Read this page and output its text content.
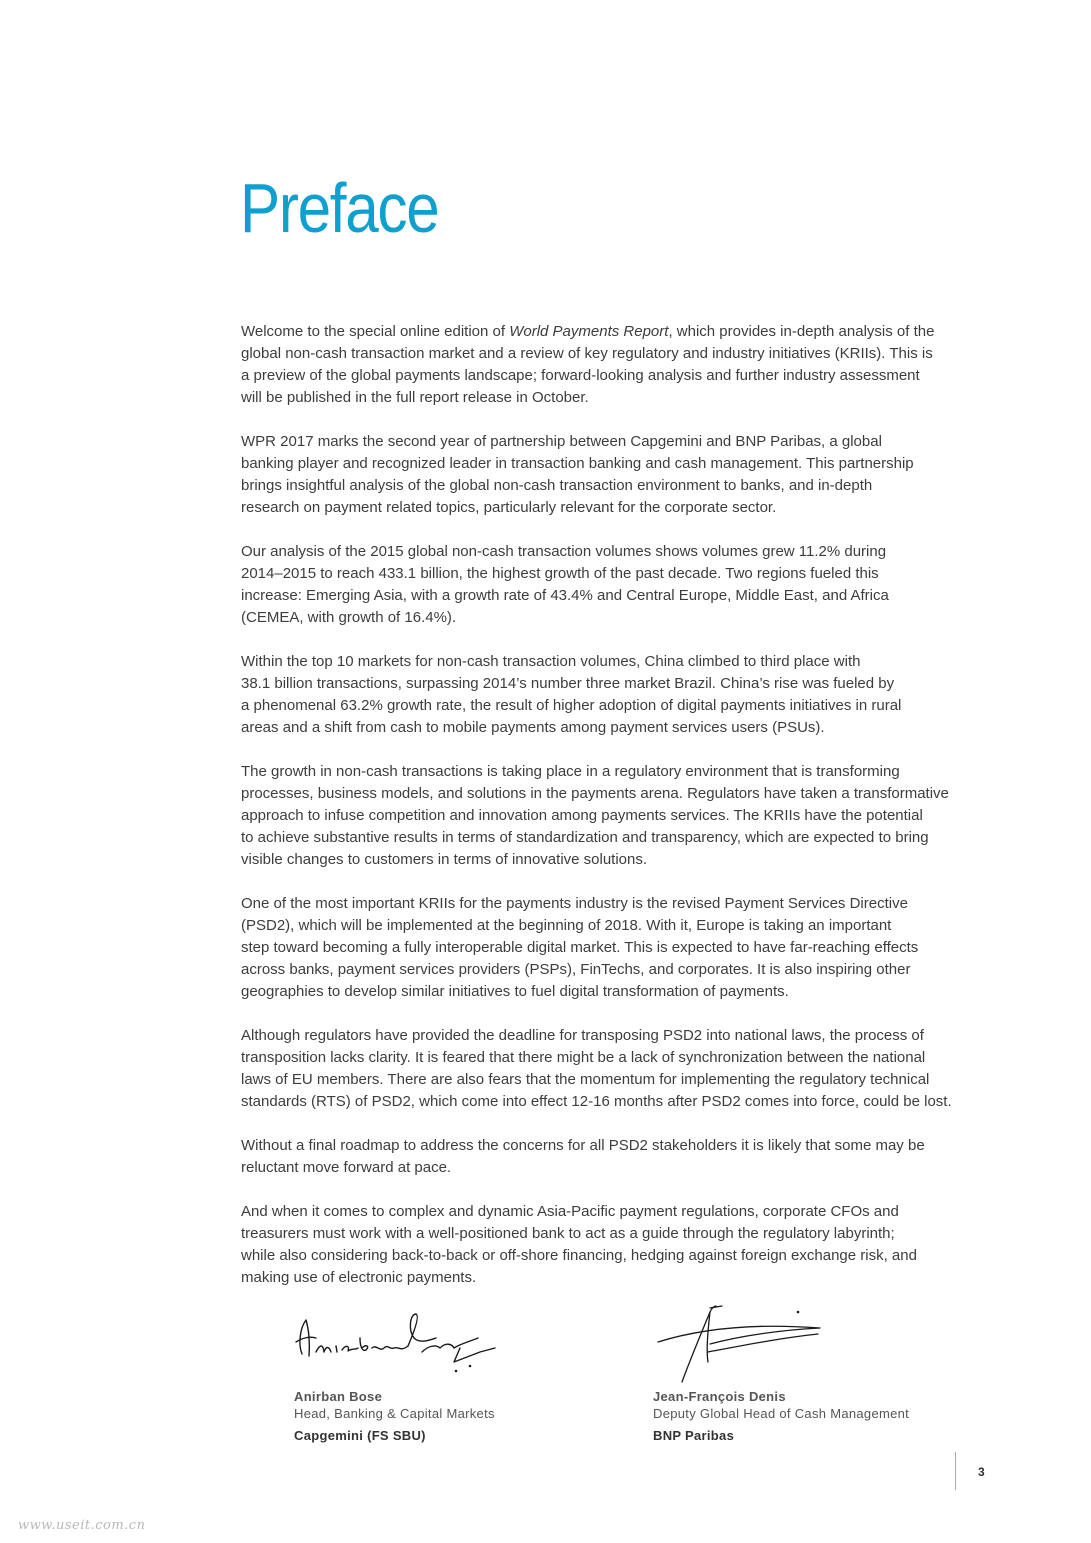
Preface

Welcome to the special online edition of World Payments Report, which provides in-depth analysis of the
global non-cash transaction market and a review of key regulatory and industry initiatives (KRIIs). This is
a preview of the global payments landscape; forward-looking analysis and further industry assessment
will be published in the full report release in October.

WPR 2017 marks the second year of partnership between Capgemini and BNP Paribas, a global
banking player and recognized leader in transaction banking and cash management. This partnership
brings insightful analysis of the global non-cash transaction environment to banks, and in-depth
research on payment related topics, particularly relevant for the corporate sector.

Our analysis of the 2015 global non-cash transaction volumes shows volumes grew 11.2% during
2014–2015 to reach 433.1 billion, the highest growth of the past decade. Two regions fueled this
increase: Emerging Asia, with a growth rate of 43.4% and Central Europe, Middle East, and Africa
(CEMEA, with growth of 16.4%).

Within the top 10 markets for non-cash transaction volumes, China climbed to third place with
38.1 billion transactions, surpassing 2014’s number three market Brazil. China’s rise was fueled by
a phenomenal 63.2% growth rate, the result of higher adoption of digital payments initiatives in rural
areas and a shift from cash to mobile payments among payment services users (PSUs).

The growth in non-cash transactions is taking place in a regulatory environment that is transforming
processes, business models, and solutions in the payments arena. Regulators have taken a transformative
approach to infuse competition and innovation among payments services. The KRIIs have the potential
to achieve substantive results in terms of standardization and transparency, which are expected to bring
visible changes to customers in terms of innovative solutions.

One of the most important KRIIs for the payments industry is the revised Payment Services Directive
(PSD2), which will be implemented at the beginning of 2018. With it, Europe is taking an important
step toward becoming a fully interoperable digital market. This is expected to have far-reaching effects
across banks, payment services providers (PSPs), FinTechs, and corporates. It is also inspiring other
geographies to develop similar initiatives to fuel digital transformation of payments.

Although regulators have provided the deadline for transposing PSD2 into national laws, the process of
transposition lacks clarity. It is feared that there might be a lack of synchronization between the national
laws of EU members. There are also fears that the momentum for implementing the regulatory technical
standards (RTS) of PSD2, which come into effect 12-16 months after PSD2 comes into force, could be lost.

Without a final roadmap to address the concerns for all PSD2 stakeholders it is likely that some may be
reluctant move forward at pace.

And when it comes to complex and dynamic Asia-Pacific payment regulations, corporate CFOs and
treasurers must work with a well-positioned bank to act as a guide through the regulatory labyrinth;
while also considering back-to-back or off-shore financing, hedging against foreign exchange risk, and
making use of electronic payments.

Anirban Bose
Head, Banking & Capital Markets
Capgemini (FS SBU)
Jean-François Denis
Deputy Global Head of Cash Management
BNP Paribas
3
www.useit.com.cn
